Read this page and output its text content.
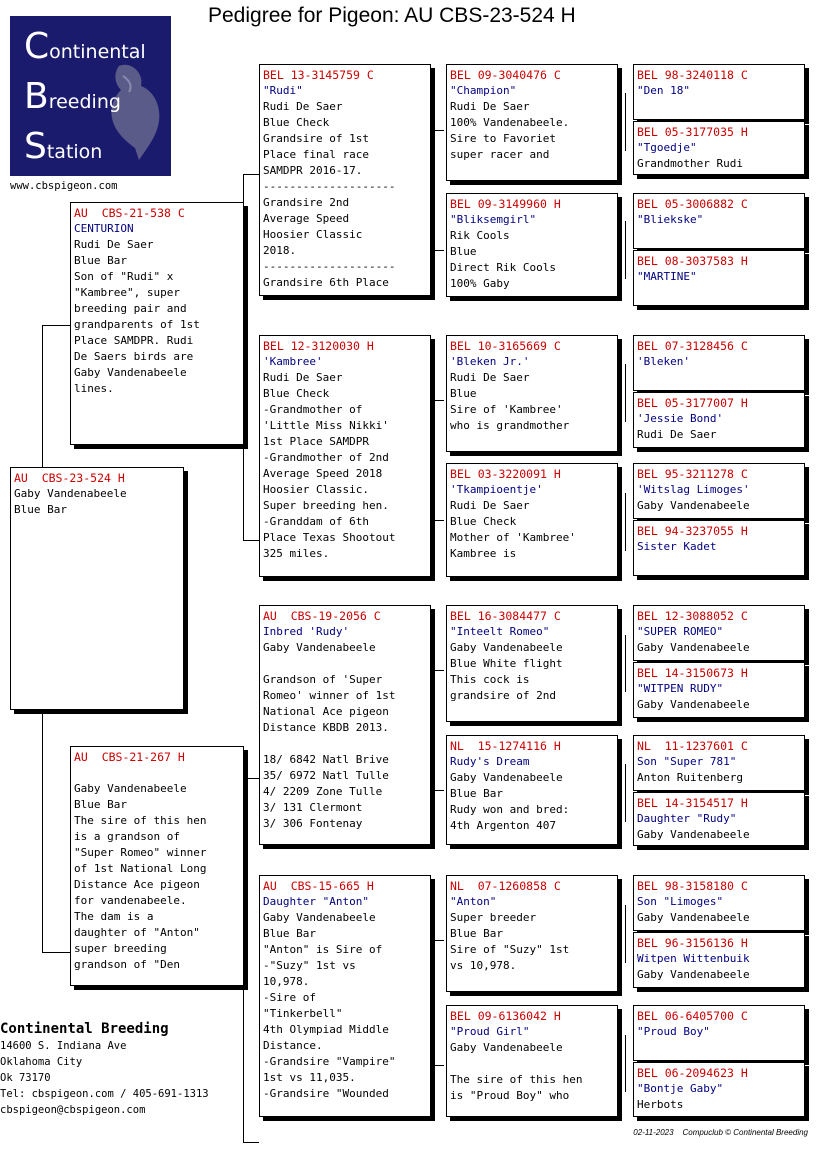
Pedigree for Pigeon: AU CBS-23-524 H
Continental
Breeding
Station
www.cbspigeon.com
AU  CBS-23-524 H
Gaby Vandenabeele
Blue Bar
AU  CBS-21-538 C
CENTURION
Rudi De Saer
Blue Bar
Son of "Rudi" x
"Kambree", super
breeding pair and
grandparents of 1st
Place SAMDPR. Rudi
De Saers birds are
Gaby Vandenabeele
lines.
AU  CBS-21-267 H

Gaby Vandenabeele
Blue Bar
The sire of this hen
is a grandson of
"Super Romeo" winner
of 1st National Long
Distance Ace pigeon
for vandenabeele.
The dam is a
daughter of "Anton"
super breeding
grandson of "Den
BEL 13-3145759 C
"Rudi"
Rudi De Saer
Blue Check
Grandsire of 1st
Place final race
SAMDPR 2016-17.
--------------------
Grandsire 2nd
Average Speed
Hoosier Classic
2018.
--------------------
Grandsire 6th Place
BEL 12-3120030 H
'Kambree'
Rudi De Saer
Blue Check
-Grandmother of
'Little Miss Nikki'
1st Place SAMDPR
-Grandmother of 2nd
Average Speed 2018
Hoosier Classic.
Super breeding hen.
-Granddam of 6th
Place Texas Shootout
325 miles.
AU  CBS-19-2056 C
Inbred 'Rudy'
Gaby Vandenabeele

Grandson of 'Super
Romeo' winner of 1st
National Ace pigeon
Distance KBDB 2013.

18/ 6842 Natl Brive
35/ 6972 Natl Tulle
4/ 2209 Zone Tulle
3/ 131 Clermont
3/ 306 Fontenay
AU  CBS-15-665 H
Daughter "Anton"
Gaby Vandenabeele
Blue Bar
"Anton" is Sire of
-"Suzy" 1st vs
10,978.
-Sire of
"Tinkerbell"
4th Olympiad Middle
Distance.
-Grandsire "Vampire"
1st vs 11,035.
-Grandsire "Wounded
BEL 09-3040476 C
"Champion"
Rudi De Saer
100% Vandenabeele.
Sire to Favoriet
super racer and
BEL 09-3149960 H
"Bliksemgirl"
Rik Cools
Blue
Direct Rik Cools
100% Gaby
BEL 10-3165669 C
'Bleken Jr.'
Rudi De Saer
Blue
Sire of 'Kambree'
who is grandmother
BEL 03-3220091 H
'Tkampioentje'
Rudi De Saer
Blue Check
Mother of 'Kambree'
Kambree is
BEL 16-3084477 C
"Inteelt Romeo"
Gaby Vandenabeele
Blue White flight
This cock is
grandsire of 2nd
NL  15-1274116 H
Rudy's Dream
Gaby Vandenabeele
Blue Bar
Rudy won and bred:
4th Argenton 407
NL  07-1260858 C
"Anton"
Super breeder
Blue Bar
Sire of "Suzy" 1st
vs 10,978.
BEL 09-6136042 H
"Proud Girl"
Gaby Vandenabeele

The sire of this hen
is "Proud Boy" who
BEL 98-3240118 C
"Den 18"
BEL 05-3177035 H
"Tgoedje"
Grandmother Rudi
BEL 05-3006882 C
"Bliekske"
BEL 08-3037583 H
"MARTINE"
BEL 07-3128456 C
'Bleken'
BEL 05-3177007 H
'Jessie Bond'
Rudi De Saer
BEL 95-3211278 C
'Witslag Limoges'
Gaby Vandenabeele
BEL 94-3237055 H
Sister Kadet
BEL 12-3088052 C
"SUPER ROMEO"
Gaby Vandenabeele
BEL 14-3150673 H
"WITPEN RUDY"
Gaby Vandenabeele
NL  11-1237601 C
Son "Super 781"
Anton Ruitenberg
BEL 14-3154517 H
Daughter "Rudy"
Gaby Vandenabeele
BEL 98-3158180 C
Son "Limoges"
Gaby Vandenabeele
BEL 96-3156136 H
Witpen Wittenbuik
Gaby Vandenabeele
BEL 06-6405700 C
"Proud Boy"
BEL 06-2094623 H
"Bontje Gaby"
Herbots
Continental Breeding
14600 S. Indiana Ave
Oklahoma City
Ok 73170
Tel: cbspigeon.com / 405-691-1313
cbspigeon@cbspigeon.com
02-11-2023 Compuclub © Continental Breeding
